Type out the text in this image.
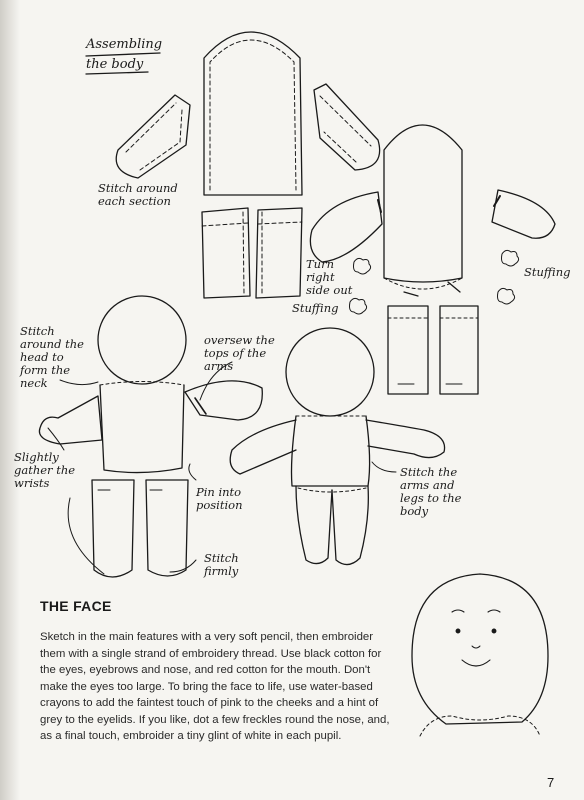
Assembling
the body
Stitch around
each section
Turn
right
side out
Stuffing
Stuffing
Stitch
around the
head to
form the
neck
oversew the
tops of the
arms
Slightly
gather the
wrists
Pin into
position
Stitch
firmly
Stitch the
arms and
legs to the
body
THE FACE
Sketch in the main features with a very soft pencil, then embroider them with a single strand of embroidery thread. Use black cotton for the eyes, eyebrows and nose, and red cotton for the mouth. Don't make the eyes too large. To bring the face to life, use water-based crayons to add the faintest touch of pink to the cheeks and a hint of grey to the eyelids. If you like, dot a few freckles round the nose, and, as a final touch, embroider a tiny glint of white in each pupil.
7
